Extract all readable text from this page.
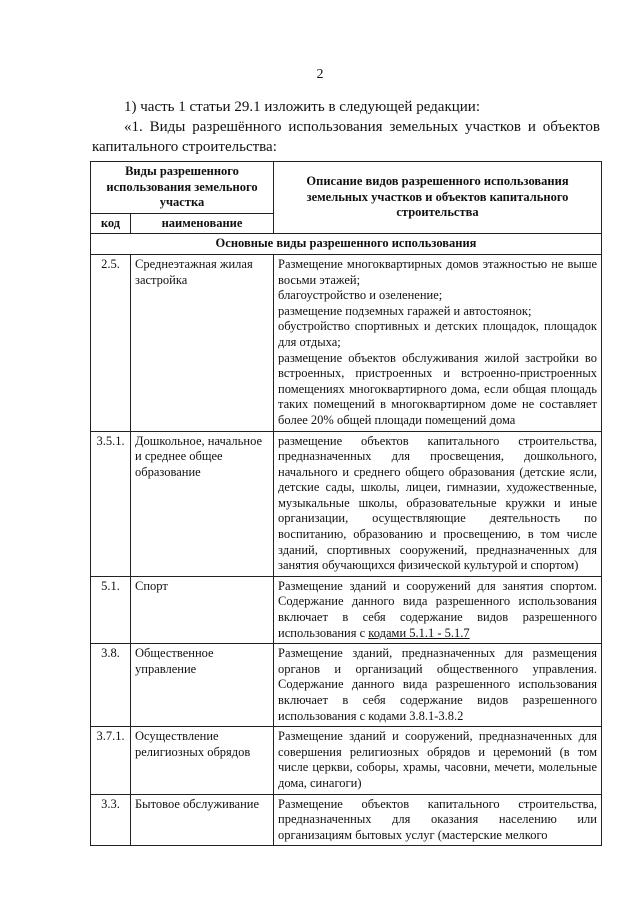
2

1) часть 1 статьи 29.1 изложить в следующей редакции:

«1. Виды разрешённого использования земельных участков и объектов капитального строительства:

Виды разрешенного использования земельного участка		Описание видов разрешенного использования земельных участков и объектов капитального строительства
код	наименование	
Основные виды разрешенного использования		
2.5.	Среднеэтажная жилая застройка	Размещение многоквартирных домов этажностью не выше восьми этажей;
благоустройство и озеленение;
размещение подземных гаражей и автостоянок;
обустройство спортивных и детских площадок, площадок для отдыха;
размещение объектов обслуживания жилой застройки во встроенных, пристроенных и встроенно-пристроенных помещениях многоквартирного дома, если общая площадь таких помещений в многоквартирном доме не составляет более 20% общей площади помещений дома

3.5.1.	Дошкольное, начальное и среднее общее образование	размещение объектов капитального строительства, предназначенных для просвещения, дошкольного, начального и среднего общего образования (детские ясли, детские сады, школы, лицеи, гимназии, художественные, музыкальные школы, образовательные кружки и иные организации, осуществляющие деятельность по воспитанию, образованию и просвещению, в том числе зданий, спортивных сооружений, предназначенных для занятия обучающихся физической культурой и спортом)

5.1.	Спорт	Размещение зданий и сооружений для занятия спортом. Содержание данного вида разрешенного использования включает в себя содержание видов разрешенного использования с кодами 5.1.1 - 5.1.7
3.8.	Общественное управление	Размещение зданий, предназначенных для размещения органов и организаций общественного управления. Содержание данного вида разрешенного использования включает в себя содержание видов разрешенного использования с кодами 3.8.1-3.8.2

3.7.1.	Осуществление религиозных обрядов	Размещение зданий и сооружений, предназначенных для совершения религиозных обрядов и церемоний (в том числе церкви, соборы, храмы, часовни, мечети, молельные дома, синагоги)

3.3.	Бытовое обслуживание	Размещение объектов капитального строительства, предназначенных для оказания населению или организациям бытовых услуг (мастерские мелкого
